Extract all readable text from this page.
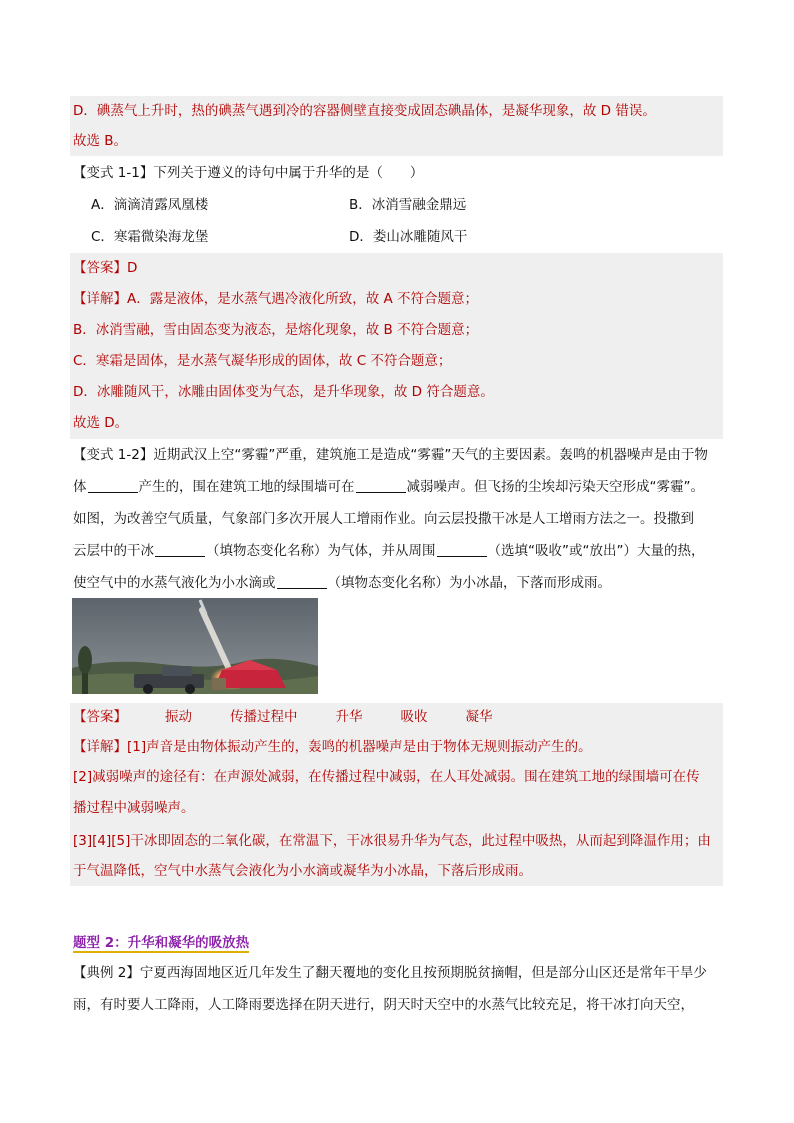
D．碘蒸气上升时，热的碘蒸气遇到冷的容器侧壁直接变成固态碘晶体，是凝华现象，故 D 错误。
故选 B。
【变式 1-1】下列关于遵义的诗句中属于升华的是（　　）
A．滴滴清露凤凰楼	B．冰消雪融金鼎远
C．寒霜微染海龙堡	D．娄山冰雕随风干
【答案】D
【详解】A．露是液体，是水蒸气遇冷液化所致，故 A 不符合题意；
B．冰消雪融，雪由固态变为液态，是熔化现象，故 B 不符合题意；
C．寒霜是固体，是水蒸气凝华形成的固体，故 C 不符合题意；
D．冰雕随风干，冰雕由固体变为气态，是升华现象，故 D 符合题意。
故选 D。
【变式 1-2】近期武汉上空“雾霾”严重，建筑施工是造成“雾霾”天气的主要因素。轰鸣的机器噪声是由于物
体	产生的，围在建筑工地的绿围墙可在	减弱噪声。但飞扬的尘埃却污染天空形成“雾霾”。
如图，为改善空气质量，气象部门多次开展人工增雨作业。向云层投撒干冰是人工增雨方法之一。投撒到
云层中的干冰	（填物态变化名称）为气体，并从周围	（选填“吸收”或“放出”）大量的热，
使空气中的水蒸气液化为小水滴或	（填物态变化名称）为小冰晶，下落而形成雨。
【答案】	振动	传播过程中	升华	吸收	凝华
【详解】[1]声音是由物体振动产生的，轰鸣的机器噪声是由于物体无规则振动产生的。
[2]减弱噪声的途径有：在声源处减弱，在传播过程中减弱，在人耳处减弱。围在建筑工地的绿围墙可在传
播过程中减弱噪声。
[3][4][5]干冰即固态的二氧化碳，在常温下，干冰很易升华为气态，此过程中吸热，从而起到降温作用；由
于气温降低，空气中水蒸气会液化为小水滴或凝华为小冰晶，下落后形成雨。
题型 2：升华和凝华的吸放热
【典例 2】宁夏西海固地区近几年发生了翻天覆地的变化且按预期脱贫摘帽，但是部分山区还是常年干旱少
雨，有时要人工降雨，人工降雨要选择在阴天进行，阴天时天空中的水蒸气比较充足，将干冰打向天空，
